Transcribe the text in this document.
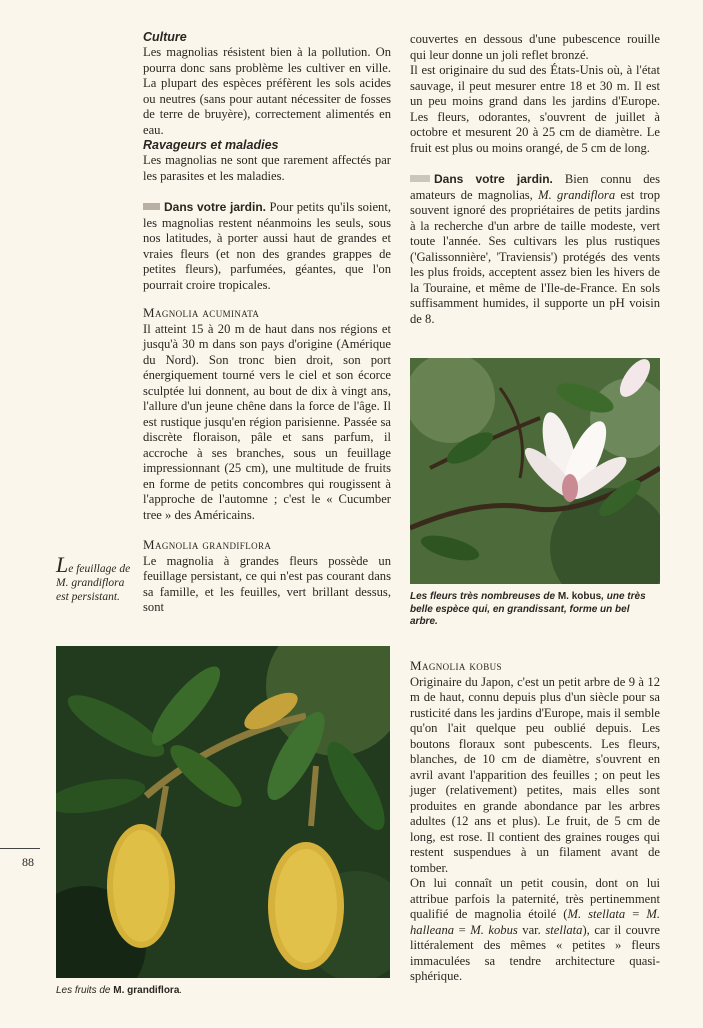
Culture

Les magnolias résistent bien à la pollution. On pourra donc sans problème les cultiver en ville. La plupart des espèces préfèrent les sols acides ou neutres (sans pour autant nécessiter de fosses de terre de bruyère), correctement alimentés en eau.

Ravageurs et maladies

Les magnolias ne sont que rarement affectés par les parasites et les maladies.

Dans votre jardin. Pour petits qu'ils soient, les magnolias restent néanmoins les seuls, sous nos latitudes, à porter aussi haut de grandes et vraies fleurs (et non des grandes grappes de petites fleurs), parfumées, géantes, que l'on pourrait croire tropicales.

Magnolia acuminata

Il atteint 15 à 20 m de haut dans nos régions et jusqu'à 30 m dans son pays d'origine (Amérique du Nord). Son tronc bien droit, son port énergiquement tourné vers le ciel et son écorce sculptée lui donnent, au bout de dix à vingt ans, l'allure d'un jeune chêne dans la force de l'âge. Il est rustique jusqu'en région parisienne. Passée sa discrète floraison, pâle et sans parfum, il accroche à ses branches, sous un feuillage impressionnant (25 cm), une multitude de fruits en forme de petits concombres qui rougissent à l'approche de l'automne ; c'est le « Cucumber tree » des Américains.

Magnolia grandiflora

Le magnolia à grandes fleurs possède un feuillage persistant, ce qui n'est pas courant dans sa famille, et les feuilles, vert brillant dessus, sont

Le feuillage de M. grandiflora est persistant.

couvertes en dessous d'une pubescence rouille qui leur donne un joli reflet bronzé.

Il est originaire du sud des États-Unis où, à l'état sauvage, il peut mesurer entre 18 et 30 m. Il est un peu moins grand dans les jardins d'Europe. Les fleurs, odorantes, s'ouvrent de juillet à octobre et mesurent 20 à 25 cm de diamètre. Le fruit est plus ou moins orangé, de 5 cm de long.

Dans votre jardin. Bien connu des amateurs de magnolias, M. grandiflora est trop souvent ignoré des propriétaires de petits jardins à la recherche d'un arbre de taille modeste, vert toute l'année. Ses cultivars les plus rustiques ('Galissonnière', 'Traviensis') protégés des vents les plus froids, acceptent assez bien les hivers de la Touraine, et même de l'Ile-de-France. En sols suffisamment humides, il supporte un pH voisin de 8.

Les fleurs très nombreuses de M. kobus, une très belle espèce qui, en grandissant, forme un bel arbre.
Magnolia kobus

Originaire du Japon, c'est un petit arbre de 9 à 12 m de haut, connu depuis plus d'un siècle pour sa rusticité dans les jardins d'Europe, mais il semble qu'on l'ait quelque peu oublié depuis. Les boutons floraux sont pubescents. Les fleurs, blanches, de 10 cm de diamètre, s'ouvrent en avril avant l'apparition des feuilles ; on peut les juger (relativement) petites, mais elles sont produites en grande abondance par les arbres adultes (12 ans et plus). Le fruit, de 5 cm de long, est rose. Il contient des graines rouges qui restent suspendues à un filament avant de tomber.

On lui connaît un petit cousin, dont on lui attribue parfois la paternité, très pertinemment qualifié de magnolia étoilé (M. stellata = M. halleana = M. kobus var. stellata), car il couvre littéralement des mêmes « petites » fleurs immaculées sa tendre architecture quasi-sphérique.

Les fruits de M. grandiflora.
88
